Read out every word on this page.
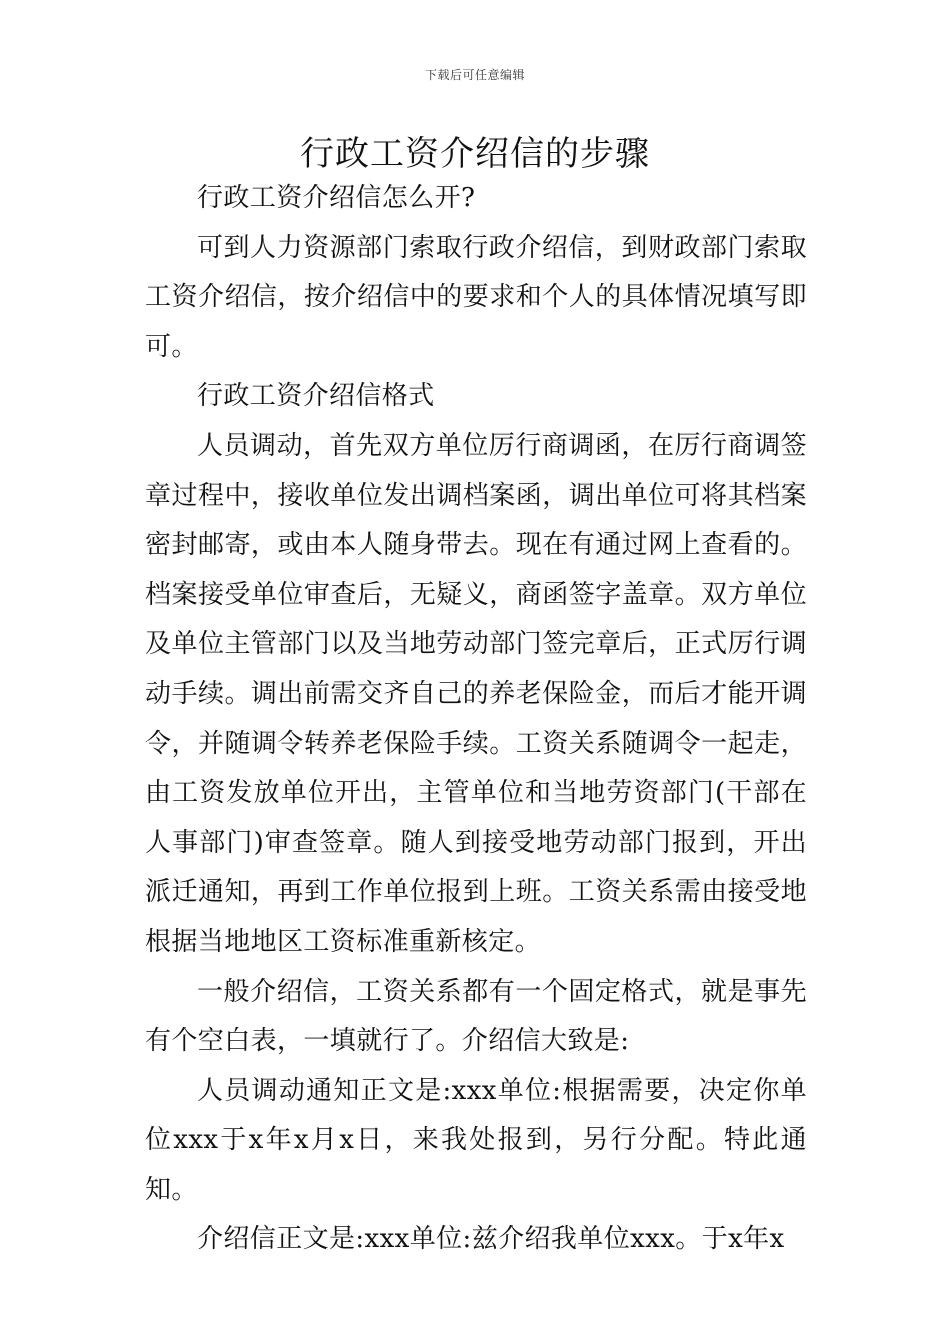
下载后可任意编辑
行政工资介绍信的步骤

行政工资介绍信怎么开?

可到人力资源部门索取行政介绍信，到财政部门索取工资介绍信，按介绍信中的要求和个人的具体情况填写即可。

行政工资介绍信格式

人员调动，首先双方单位厉行商调函，在厉行商调签章过程中，接收单位发出调档案函，调出单位可将其档案密封邮寄，或由本人随身带去。现在有通过网上查看的。档案接受单位审查后，无疑义，商函签字盖章。双方单位及单位主管部门以及当地劳动部门签完章后，正式厉行调动手续。调出前需交齐自己的养老保险金，而后才能开调令，并随调令转养老保险手续。工资关系随调令一起走，由工资发放单位开出，主管单位和当地劳资部门(干部在人事部门)审查签章。随人到接受地劳动部门报到，开出派迁通知，再到工作单位报到上班。工资关系需由接受地根据当地地区工资标准重新核定。

一般介绍信，工资关系都有一个固定格式，就是事先有个空白表，一填就行了。介绍信大致是:

人员调动通知正文是:xxx单位:根据需要，决定你单位xxx于x年x月x日，来我处报到，另行分配。特此通知。

介绍信正文是:xxx单位:兹介绍我单位xxx。于x年x
